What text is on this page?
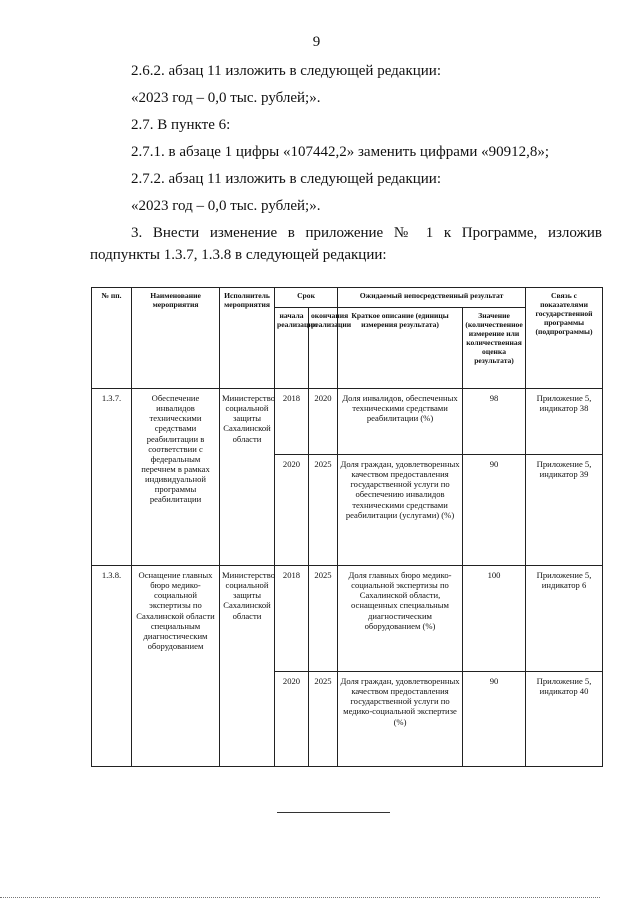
9
2.6.2. абзац 11 изложить в следующей редакции:
«2023 год – 0,0 тыс. рублей;».
2.7. В пункте 6:
2.7.1. в абзаце 1 цифры «107442,2» заменить цифрами «90912,8»;
2.7.2. абзац 11 изложить в следующей редакции:
«2023 год – 0,0 тыс. рублей;».
3. Внести изменение в приложение № 1 к Программе, изложив
подпункты 1.3.7, 1.3.8 в следующей редакции:
№ пп.	Наименование мероприятия	Исполнитель мероприятия	Срок		Ожидаемый непосредственный результат		Связь с показателями государственной программы (подпрограммы)
			начала реализации	окончания реализации	Краткое описание (единицы измерения результата)	Значение (количественное измерение или количественная оценка результата)	
1.3.7.	Обеспечение инвалидов техническими средствами реабилитации в соответствии с федеральным перечнем в рамках индивидуальной программы реабилитации	Министерство социальной защиты Сахалинской области	2018	2020	Доля инвалидов, обеспеченных техническими средствами реабилитации (%)	98	Приложение 5, индикатор 38
			2020	2025	Доля граждан, удовлетворенных качеством предоставления государственной услуги по обеспечению инвалидов техническими средствами реабилитации (услугами) (%)	90	Приложение 5, индикатор 39
1.3.8.	Оснащение главных бюро медико-социальной экспертизы по Сахалинской области специальным диагностическим оборудованием	Министерство социальной защиты Сахалинской области	2018	2025	Доля главных бюро медико-социальной экспертизы по Сахалинской области, оснащенных специальным диагностическим оборудованием (%)	100	Приложение 5, индикатор 6
			2020	2025	Доля граждан, удовлетворенных качеством предоставления государственной услуги по медико-социальной экспертизе (%)	90	Приложение 5, индикатор 40
